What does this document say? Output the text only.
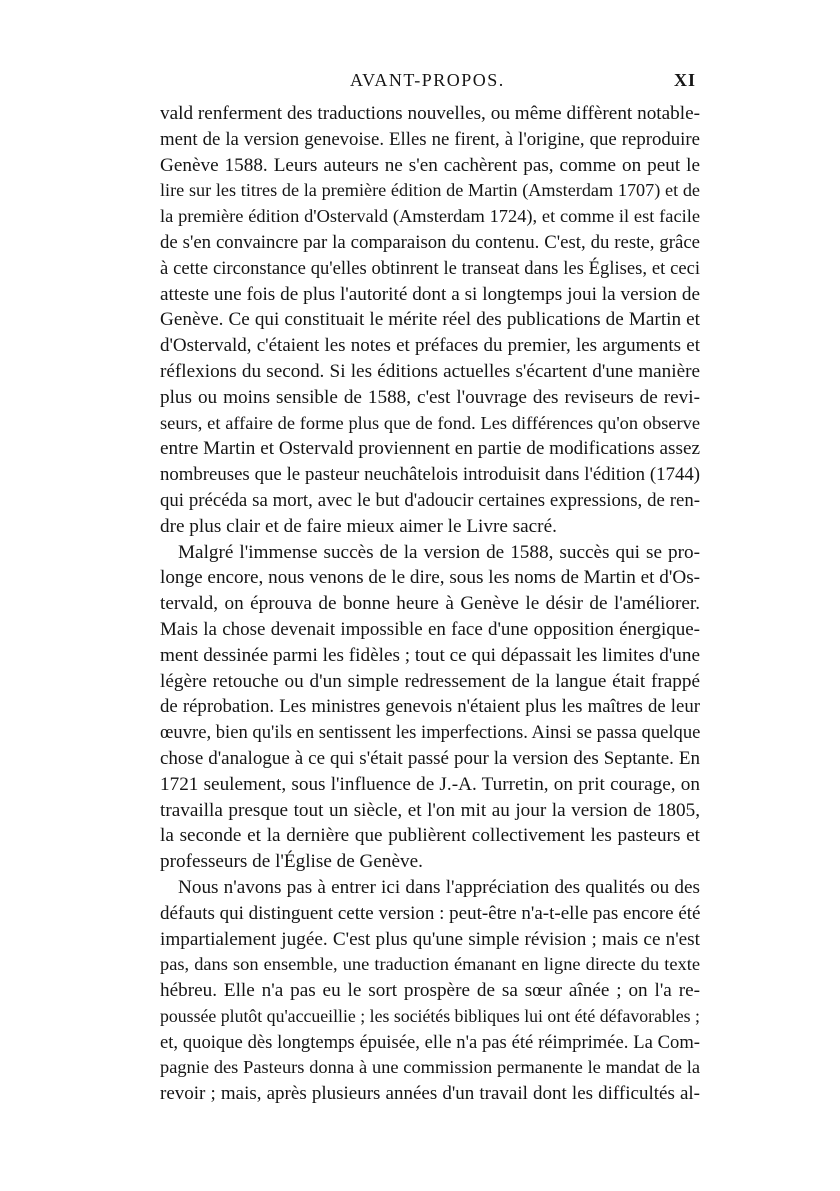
AVANT-PROPOS.	XI
vald renferment des traductions nouvelles, ou même diffèrent notable-
ment de la version genevoise. Elles ne firent, à l'origine, que reproduire
Genève 1588. Leurs auteurs ne s'en cachèrent pas, comme on peut le
lire sur les titres de la première édition de Martin (Amsterdam 1707) et de
la première édition d'Ostervald (Amsterdam 1724), et comme il est facile
de s'en convaincre par la comparaison du contenu. C'est, du reste, grâce
à cette circonstance qu'elles obtinrent le transeat dans les Églises, et ceci
atteste une fois de plus l'autorité dont a si longtemps joui la version de
Genève. Ce qui constituait le mérite réel des publications de Martin et
d'Ostervald, c'étaient les notes et préfaces du premier, les arguments et
réflexions du second. Si les éditions actuelles s'écartent d'une manière
plus ou moins sensible de 1588, c'est l'ouvrage des reviseurs de revi-
seurs, et affaire de forme plus que de fond. Les différences qu'on observe
entre Martin et Ostervald proviennent en partie de modifications assez
nombreuses que le pasteur neuchâtelois introduisit dans l'édition (1744)
qui précéda sa mort, avec le but d'adoucir certaines expressions, de ren-
dre plus clair et de faire mieux aimer le Livre sacré.
Malgré l'immense succès de la version de 1588, succès qui se pro-
longe encore, nous venons de le dire, sous les noms de Martin et d'Os-
tervald, on éprouva de bonne heure à Genève le désir de l'améliorer.
Mais la chose devenait impossible en face d'une opposition énergique-
ment dessinée parmi les fidèles ; tout ce qui dépassait les limites d'une
légère retouche ou d'un simple redressement de la langue était frappé
de réprobation. Les ministres genevois n'étaient plus les maîtres de leur
œuvre, bien qu'ils en sentissent les imperfections. Ainsi se passa quelque
chose d'analogue à ce qui s'était passé pour la version des Septante. En
1721 seulement, sous l'influence de J.-A. Turretin, on prit courage, on
travailla presque tout un siècle, et l'on mit au jour la version de 1805,
la seconde et la dernière que publièrent collectivement les pasteurs et
professeurs de l'Église de Genève.
Nous n'avons pas à entrer ici dans l'appréciation des qualités ou des
défauts qui distinguent cette version : peut-être n'a-t-elle pas encore été
impartialement jugée. C'est plus qu'une simple révision ; mais ce n'est
pas, dans son ensemble, une traduction émanant en ligne directe du texte
hébreu. Elle n'a pas eu le sort prospère de sa sœur aînée ; on l'a re-
poussée plutôt qu'accueillie ; les sociétés bibliques lui ont été défavorables ;
et, quoique dès longtemps épuisée, elle n'a pas été réimprimée. La Com-
pagnie des Pasteurs donna à une commission permanente le mandat de la
revoir ; mais, après plusieurs années d'un travail dont les difficultés al-
